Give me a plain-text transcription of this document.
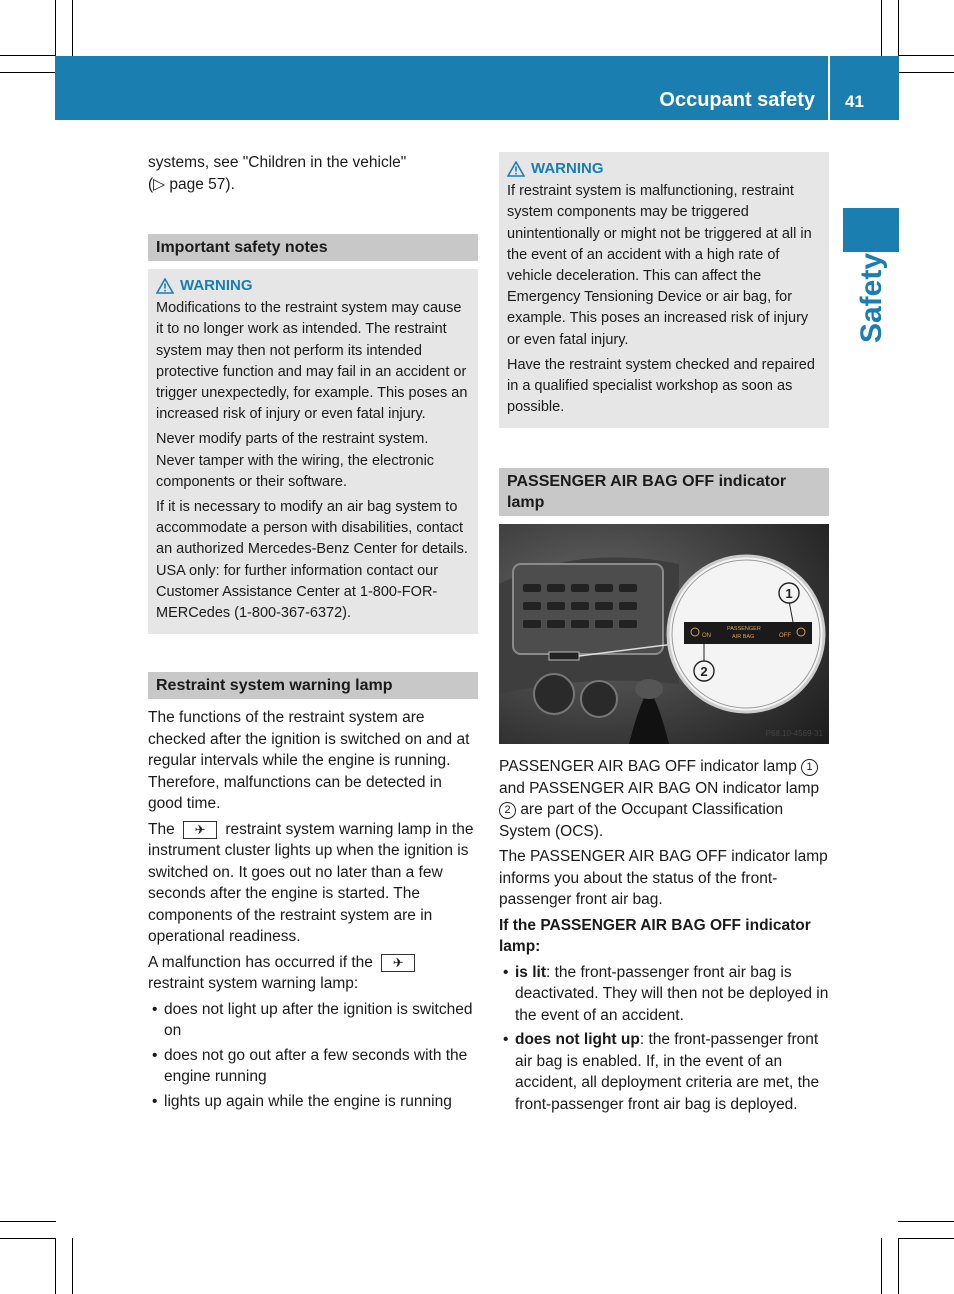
Occupant safety 41
Safety

systems, see "Children in the vehicle"
(▷ page 57).

Important safety notes
WARNING

Modifications to the restraint system may cause it to no longer work as intended. The restraint system may then not perform its intended protective function and may fail in an accident or trigger unexpectedly, for example. This poses an increased risk of injury or even fatal injury.

Never modify parts of the restraint system. Never tamper with the wiring, the electronic components or their software.

If it is necessary to modify an air bag system to accommodate a person with disabilities, contact an authorized Mercedes-Benz Center for details. USA only: for further information contact our Customer Assistance Center at 1-800-FOR-MERCedes (1-800-367-6372).

Restraint system warning lamp

The functions of the restraint system are checked after the ignition is switched on and at regular intervals while the engine is running. Therefore, malfunctions can be detected in good time.

The ✈ restraint system warning lamp in the instrument cluster lights up when the ignition is switched on. It goes out no later than a few seconds after the engine is started. The components of the restraint system are in operational readiness.

A malfunction has occurred if the ✈
restraint system warning lamp:

• does not light up after the ignition is switched on
• does not go out after a few seconds with the engine running
• lights up again while the engine is running
WARNING

If restraint system is malfunctioning, restraint system components may be triggered unintentionally or might not be triggered at all in the event of an accident with a high rate of vehicle deceleration. This can affect the Emergency Tensioning Device or air bag, for example. This poses an increased risk of injury or even fatal injury.

Have the restraint system checked and repaired in a qualified specialist workshop as soon as possible.

PASSENGER AIR BAG OFF indicator lamp
ON
PASSENGER
AIR BAG	OFF
1
2
P68.10-4569-31

PASSENGER AIR BAG OFF indicator lamp 1 and PASSENGER AIR BAG ON indicator lamp 2 are part of the Occupant Classification System (OCS).

The PASSENGER AIR BAG OFF indicator lamp informs you about the status of the front-passenger front air bag.

If the PASSENGER AIR BAG OFF indicator lamp:

• is lit: the front-passenger front air bag is deactivated. They will then not be deployed in the event of an accident.
• does not light up: the front-passenger front air bag is enabled. If, in the event of an accident, all deployment criteria are met, the front-passenger front air bag is deployed.
